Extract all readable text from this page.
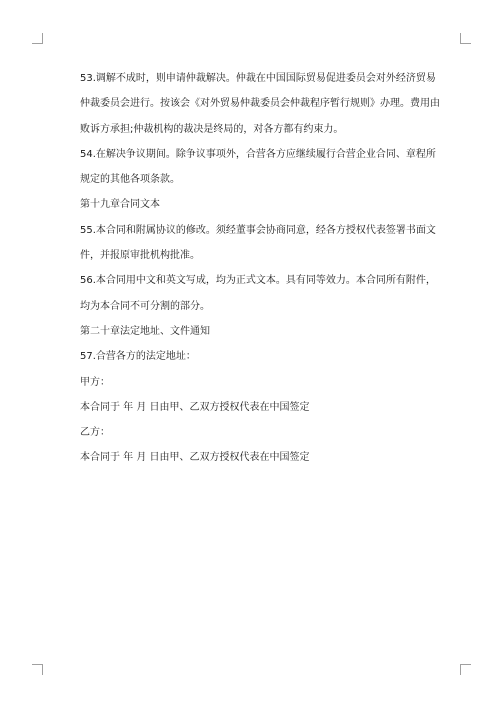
53.调解不成时，则申请仲裁解决。仲裁在中国国际贸易促进委员会对外经济贸易仲裁委员会进行。按该会《对外贸易仲裁委员会仲裁程序暂行规则》办理。费用由败诉方承担;仲裁机构的裁决是终局的，对各方都有约束力。

54.在解决争议期间。除争议事项外，合营各方应继续履行合营企业合同、章程所规定的其他各项条款。

第十九章合同文本

55.本合同和附属协议的修改。须经董事会协商同意，经各方授权代表签署书面文件，并报原审批机构批准。

56.本合同用中文和英文写成，均为正式文本。具有同等效力。本合同所有附件，均为本合同不可分割的部分。

第二十章法定地址、文件通知

57.合营各方的法定地址：

甲方：

本合同于 年 月 日由甲、乙双方授权代表在中国签定

乙方：

本合同于 年 月 日由甲、乙双方授权代表在中国签定
